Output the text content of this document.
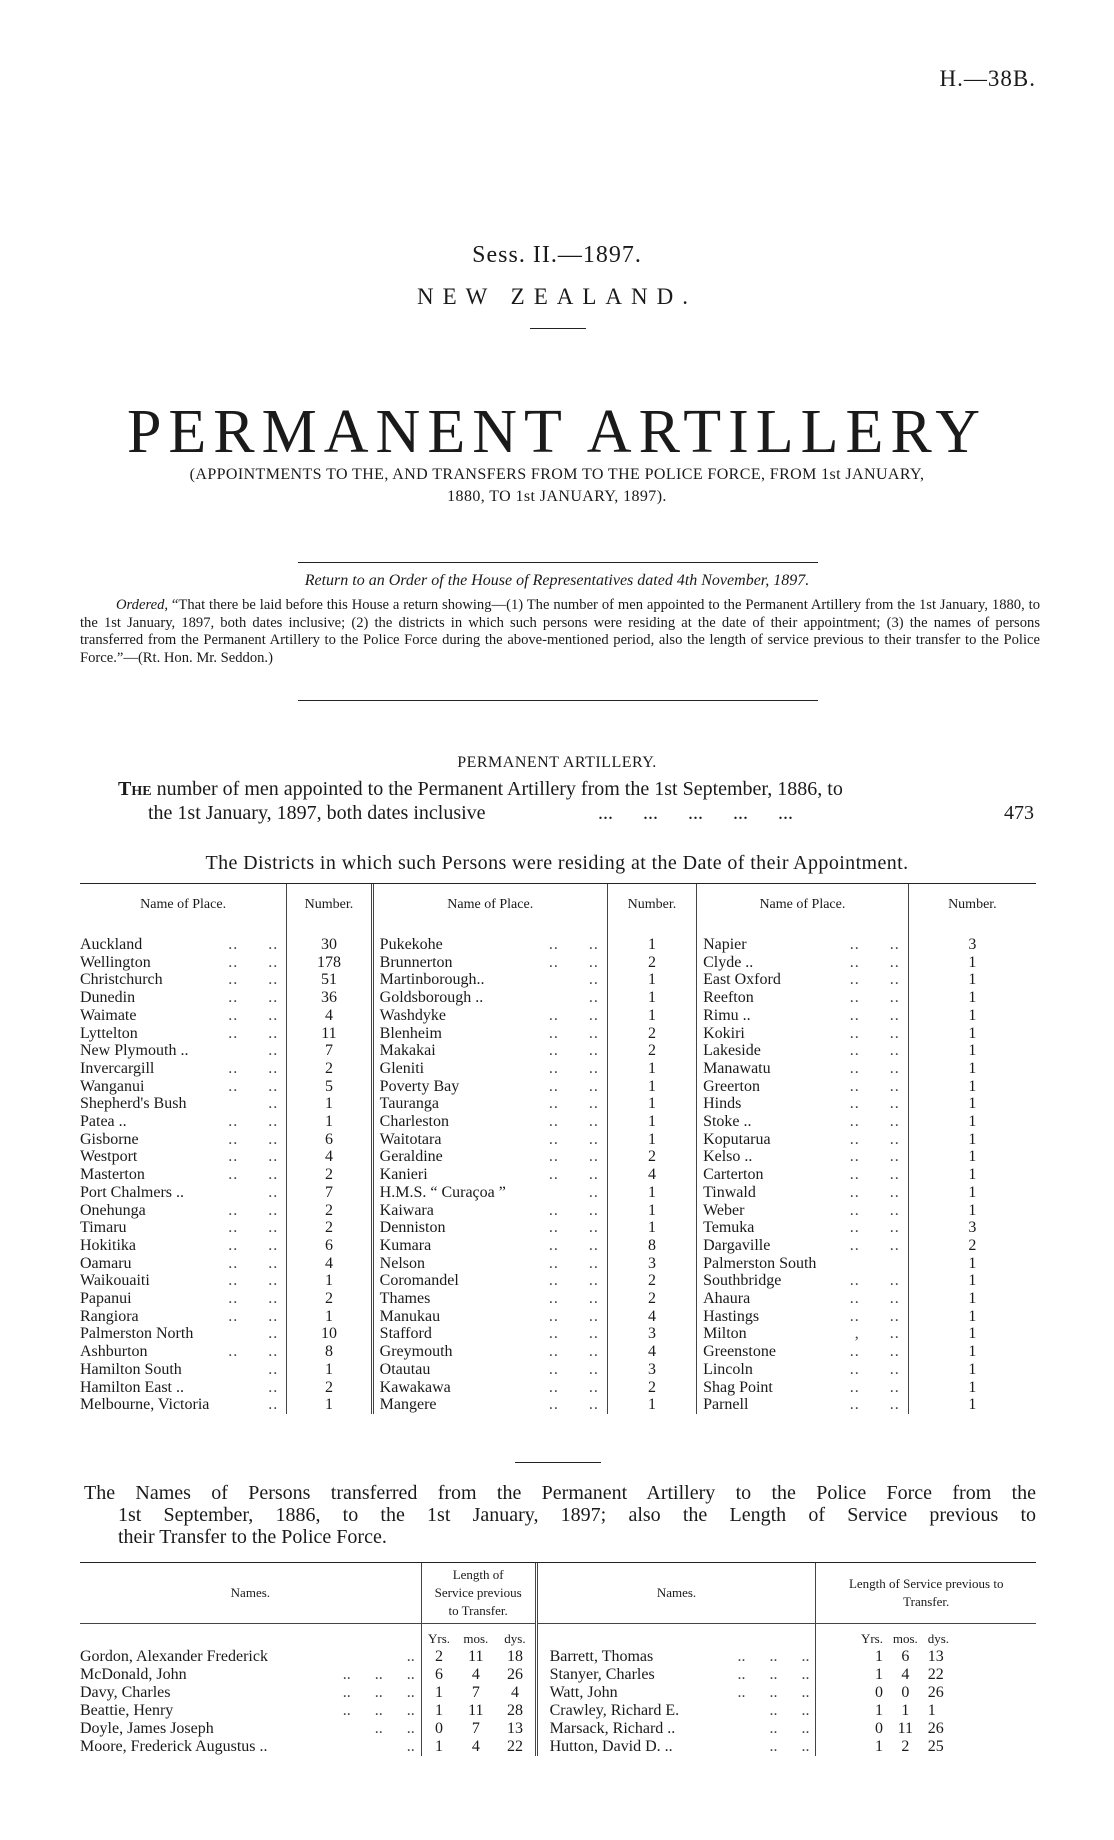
H.—38B.
Sess. II.—1897.
NEW ZEALAND.
PERMANENT ARTILLERY
(APPOINTMENTS TO THE, AND TRANSFERS FROM TO THE POLICE FORCE, FROM 1st JANUARY,
1880, TO 1st JANUARY, 1897).
Return to an Order of the House of Representatives dated 4th November, 1897.
Ordered, “That there be laid before this House a return showing—(1) The number of men appointed to the Permanent Artillery from the 1st January, 1880, to the 1st January, 1897, both dates inclusive; (2) the districts in which such persons were residing at the date of their appointment; (3) the names of persons transferred from the Permanent Artillery to the Police Force during the above-mentioned period, also the length of service previous to their transfer to the Police Force.”—(Rt. Hon. Mr. Seddon.)
PERMANENT ARTILLERY.
The number of men appointed to the Permanent Artillery from the 1st September, 1886, to
the 1st January, 1897, both dates inclusive	...      ...      ...      ...      ...	473
The Districts in which such Persons were residing at the Date of their Appointment.
Name of Place.		Number.	Name of Place.		Number.	Name of Place.		Number.

Auckland	..      ..	30	Pukekohe	..      ..	1	Napier	..      ..	3
Wellington	..      ..	178	Brunnerton	..      ..	2	Clyde ..	..      ..	1
Christchurch	..      ..	51	Martinborough..	..	1	East Oxford	..      ..	1
Dunedin	..      ..	36	Goldsborough ..	..	1	Reefton	..      ..	1
Waimate	..      ..	4	Washdyke	..      ..	1	Rimu ..	..      ..	1
Lyttelton	..      ..	11	Blenheim	..      ..	2	Kokiri	..      ..	1
New Plymouth ..	..	7	Makakai	..      ..	2	Lakeside	..      ..	1
Invercargill	..      ..	2	Gleniti	..      ..	1	Manawatu	..      ..	1
Wanganui	..      ..	5	Poverty Bay	..      ..	1	Greerton	..      ..	1
Shepherd's Bush	..	1	Tauranga	..      ..	1	Hinds	..      ..	1
Patea ..	..      ..	1	Charleston	..      ..	1	Stoke ..	..      ..	1
Gisborne	..      ..	6	Waitotara	..      ..	1	Koputarua	..      ..	1
Westport	..      ..	4	Geraldine	..      ..	2	Kelso ..	..      ..	1
Masterton	..      ..	2	Kanieri	..      ..	4	Carterton	..      ..	1
Port Chalmers ..	..	7	H.M.S. “ Curaçoa ”	..	1	Tinwald	..      ..	1
Onehunga	..      ..	2	Kaiwara	..      ..	1	Weber	..      ..	1
Timaru	..      ..	2	Denniston	..      ..	1	Temuka	..      ..	3
Hokitika	..      ..	6	Kumara	..      ..	8	Dargaville	..      ..	2
Oamaru	..      ..	4	Nelson	..      ..	3	Palmerston South		1
Waikouaiti	..      ..	1	Coromandel	..      ..	2	Southbridge	..      ..	1
Papanui	..      ..	2	Thames	..      ..	2	Ahaura	..      ..	1
Rangiora	..      ..	1	Manukau	..      ..	4	Hastings	..      ..	1
Palmerston North	..	10	Stafford	..      ..	3	Milton	,      ..	1
Ashburton	..      ..	8	Greymouth	..      ..	4	Greenstone	..      ..	1
Hamilton South	..	1	Otautau	..      ..	3	Lincoln	..      ..	1
Hamilton East ..	..	2	Kawakawa	..      ..	2	Shag Point	..      ..	1
Melbourne, Victoria	..	1	Mangere	..      ..	1	Parnell	..      ..	1
The Names of Persons transferred from the Permanent Artillery to the Police Force from the
1st September, 1886, to the 1st January, 1897; also the Length of Service previous to
their Transfer to the Police Force.
Names.		Length of Service previous to Transfer.			Names.		Length of Service previous to Transfer.			

		Yrs.	mos.	dys.			Yrs.	mos.	dys.	
Gordon, Alexander Frederick	..	2	11	18	Barrett, Thomas	..      ..      ..	1	6	13	
McDonald, John	..      ..      ..	6	4	26	Stanyer, Charles	..      ..      ..	1	4	22	
Davy, Charles	..      ..      ..	1	7	4	Watt, John	..      ..      ..	0	0	26	
Beattie, Henry	..      ..      ..	1	11	28	Crawley, Richard E.	..      ..	1	1	1	
Doyle, James Joseph	..      ..	0	7	13	Marsack, Richard ..	..      ..	0	11	26	
Moore, Frederick Augustus ..	..	1	4	22	Hutton, David D. ..	..      ..	1	2	25	
